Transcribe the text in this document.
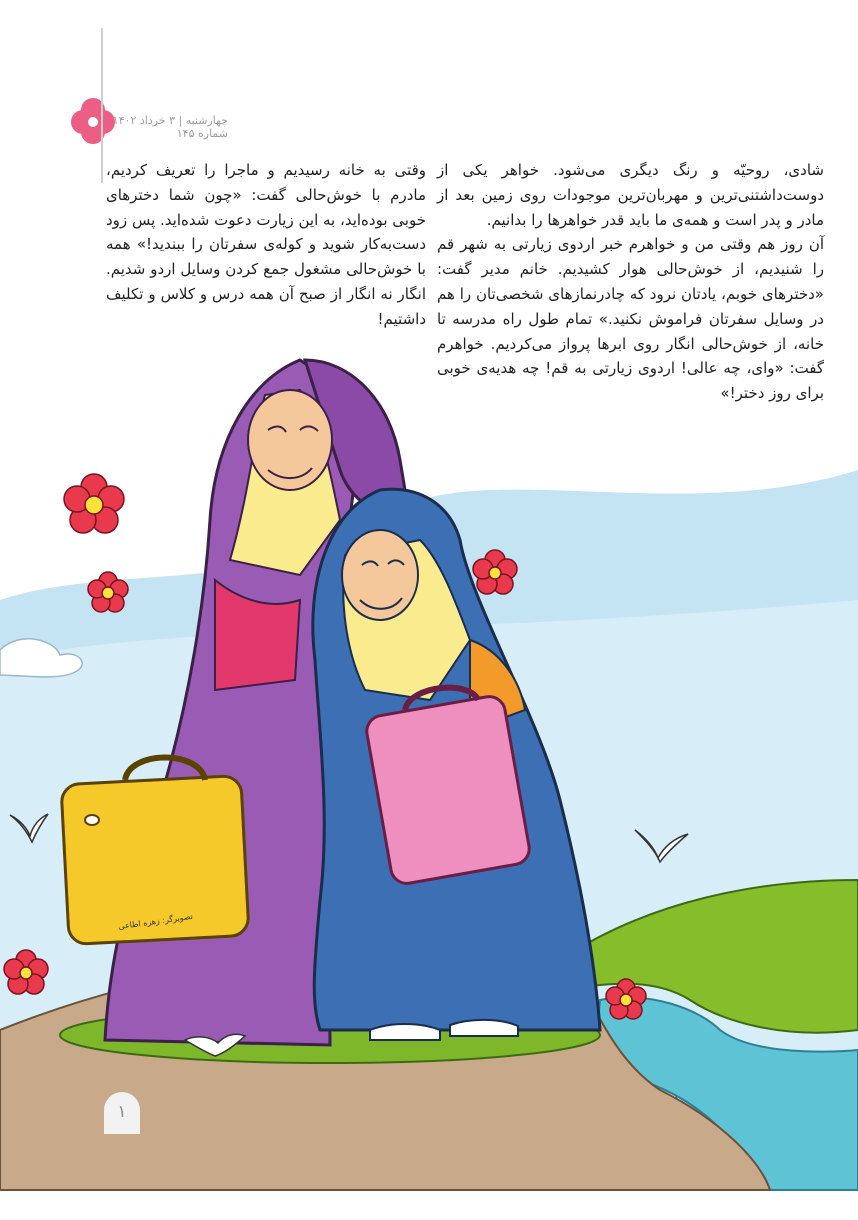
چهارشنبه | ۳ خرداد ۱۴۰۲
شماره ۱۴۵

شادی، روحیّه و رنگ دیگری می‌شود. خواهر یکی از دوست‌داشتنی‌ترین و مهربان‌ترین موجودات روی زمین بعد از مادر و پدر است و همه‌ی ما باید قدر خواهرها را بدانیم.

آن روز هم وقتی من و خواهرم خبر اردوی زیارتی به شهر قم را شنیدیم، از خوش‌حالی هوار کشیدیم. خانم مدیر گفت: «دخترهای خوبم، یادتان نرود که چادرنمازهای شخصی‌تان را هم در وسایل سفرتان فراموش نکنید.» تمام طول راه مدرسه تا خانه، از خوش‌حالی انگار روی ابرها پرواز می‌کردیم. خواهرم گفت: «وای، چه عالی! اردوی زیارتی به قم! چه هدیه‌ی خوبی برای روز دختر!»

وقتی به خانه رسیدیم و ماجرا را تعریف کردیم، مادرم با خوش‌حالی گفت: «چون شما دخترهای خوبی بوده‌اید، به این زیارت دعوت شده‌اید. پس زود دست‌به‌کار شوید و کوله‌ی سفرتان را ببندید!» همه با خوش‌حالی مشغول جمع کردن وسایل اردو شدیم. انگار نه انگار از صبح آن همه درس و کلاس و تکلیف داشتیم!

تصویرگر: زهره اطاعی
۱
